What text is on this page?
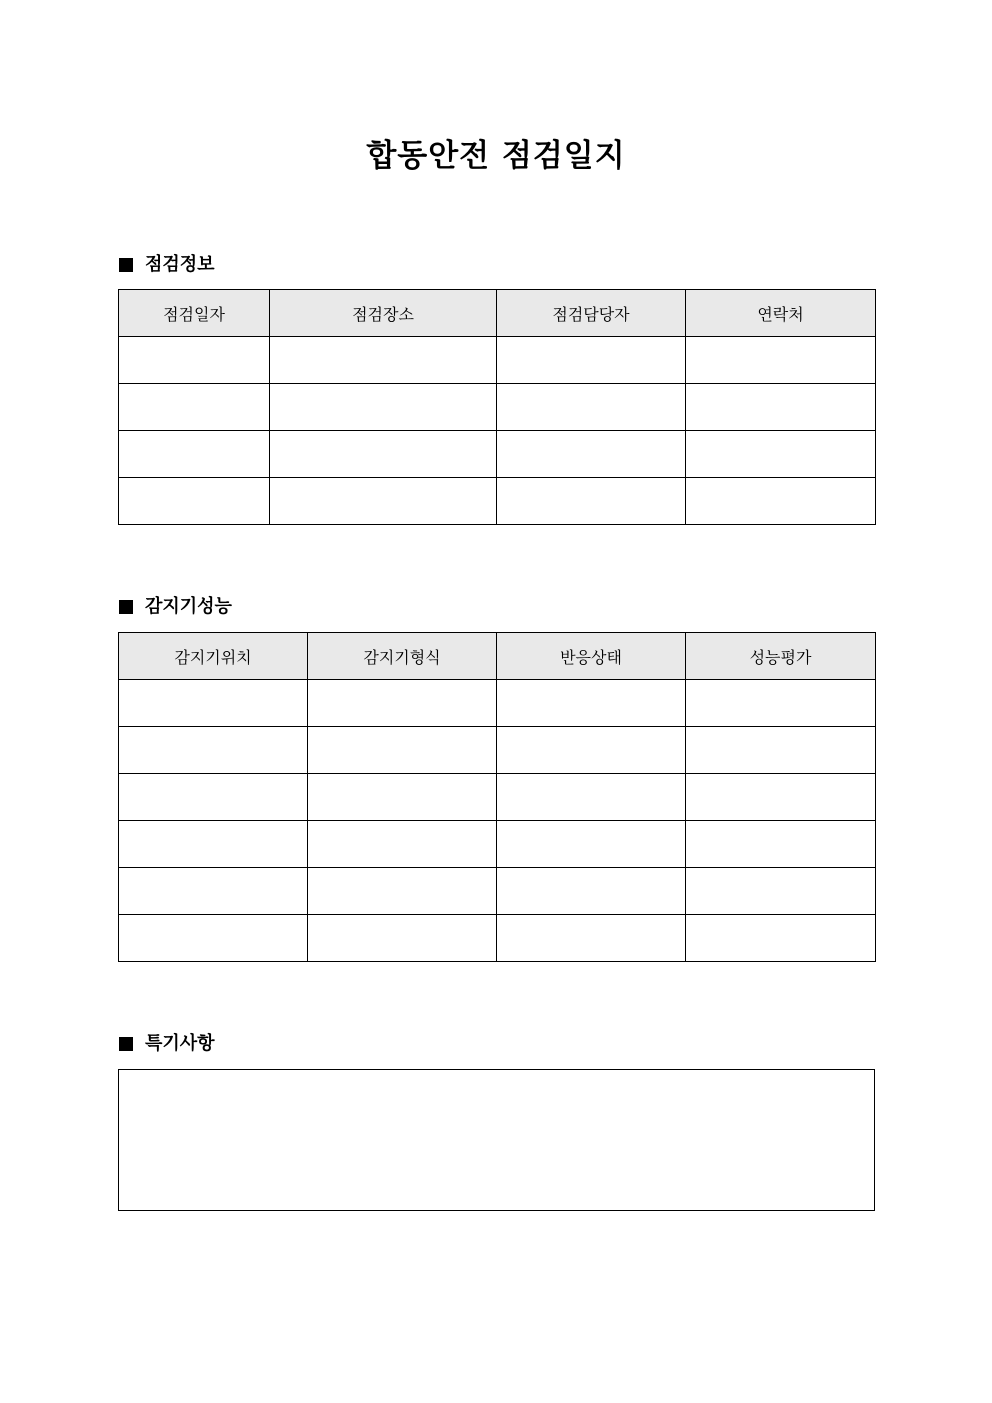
합동안전 점검일지
점검정보
점검일자	점검장소	점검담당자	연락처

감지기성능
감지기위치	감지기형식	반응상태	성능평가

특기사항
